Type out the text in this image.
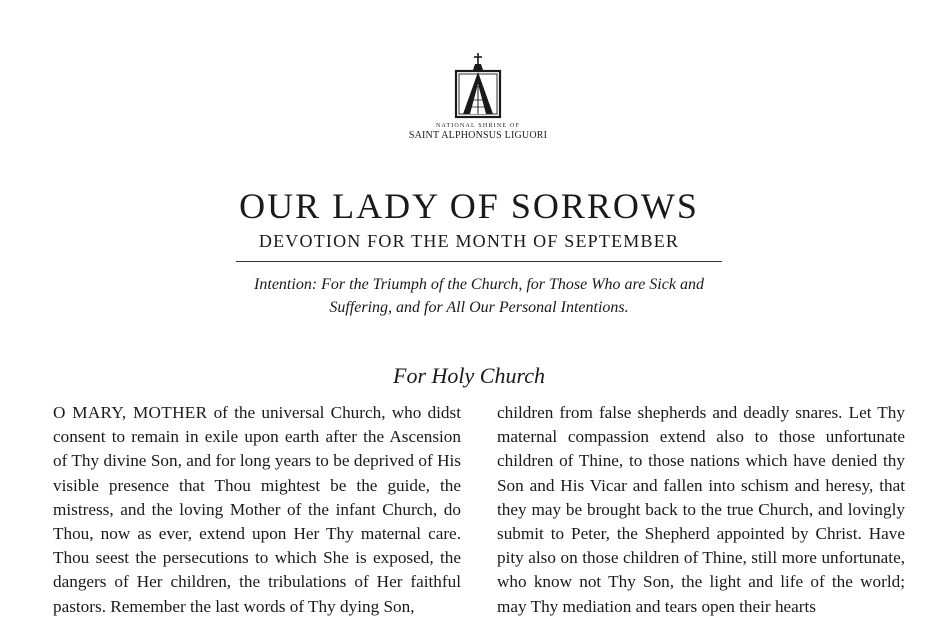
NATIONAL SHRINE OF
SAINT ALPHONSUS LIGUORI
OUR LADY OF SORROWS
DEVOTION FOR THE MONTH OF SEPTEMBER
Intention: For the Triumph of the Church, for Those Who are Sick and Suffering, and for All Our Personal Intentions.
For Holy Church
O MARY, MOTHER of the universal Church, who didst consent to remain in exile upon earth after the Ascension of Thy divine Son, and for long years to be deprived of His visible presence that Thou mightest be the guide, the mistress, and the loving Mother of the infant Church, do Thou, now as ever, extend upon Her Thy maternal care. Thou seest the persecutions to which She is exposed, the dangers of Her children, the tribulations of Her faithful pastors. Remember the last words of Thy dying Son,
children from false shepherds and deadly snares. Let Thy maternal compassion extend also to those unfortunate children of Thine, to those nations which have denied thy Son and His Vicar and fallen into schism and heresy, that they may be brought back to the true Church, and lovingly submit to Peter, the Shepherd appointed by Christ. Have pity also on those children of Thine, still more unfortunate, who know not Thy Son, the light and life of the world; may Thy mediation and tears open their hearts
